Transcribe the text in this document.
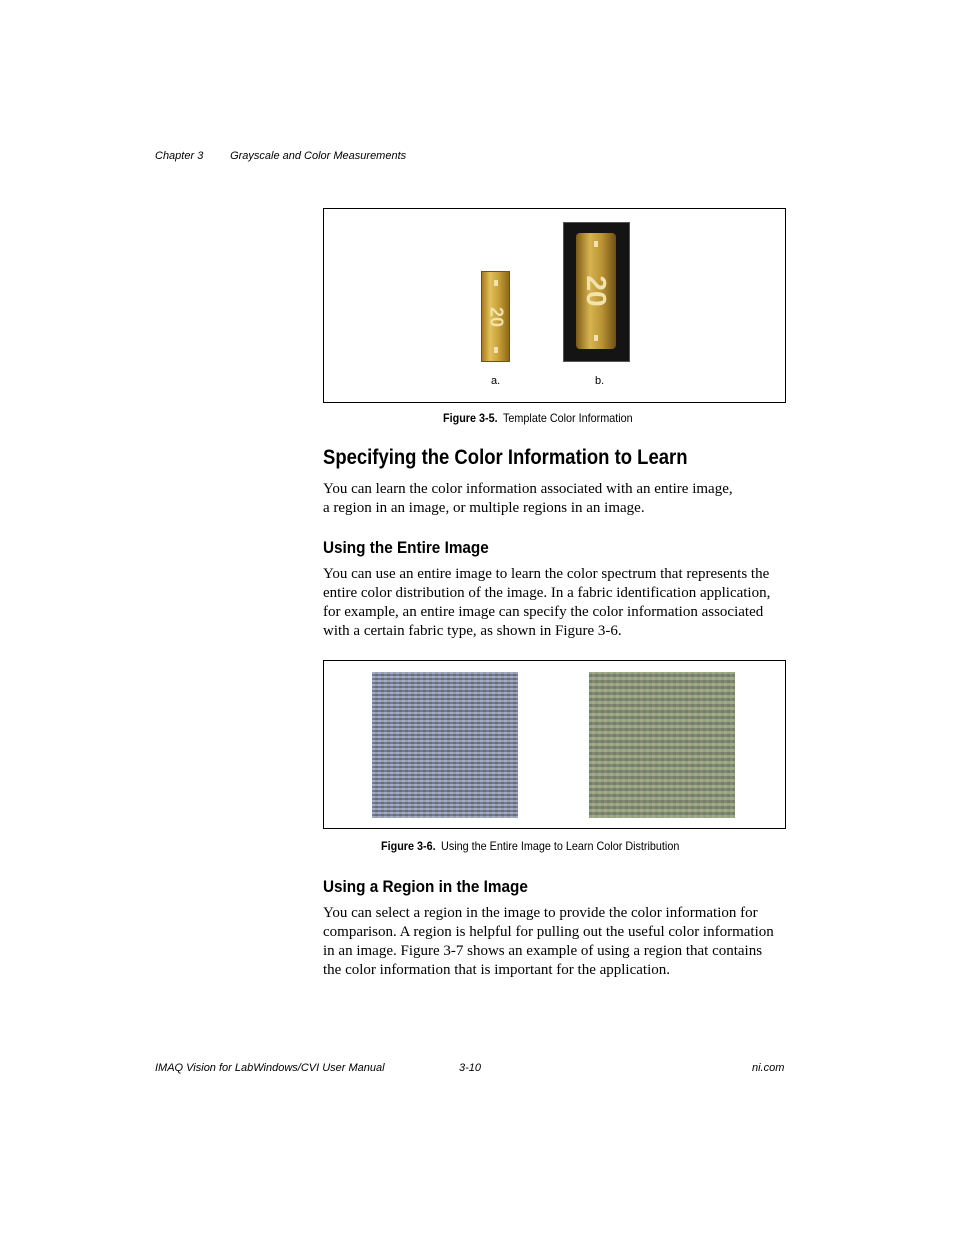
Chapter 3 Grayscale and Color Measurements
20
20
a.	b.
Figure 3-5. Template Color Information
Specifying the Color Information to Learn

You can learn the color information associated with an entire image,
a region in an image, or multiple regions in an image.

Using the Entire Image

You can use an entire image to learn the color spectrum that represents the
entire color distribution of the image. In a fabric identification application,
for example, an entire image can specify the color information associated
with a certain fabric type, as shown in Figure 3-6.

Figure 3-6. Using the Entire Image to Learn Color Distribution
Using a Region in the Image

You can select a region in the image to provide the color information for
comparison. A region is helpful for pulling out the useful color information
in an image. Figure 3-7 shows an example of using a region that contains
the color information that is important for the application.

IMAQ Vision for LabWindows/CVI User Manual	3-10	ni.com
